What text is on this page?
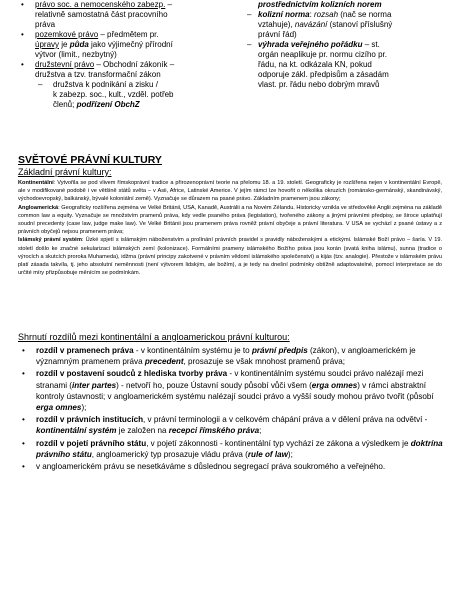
•	právo soc. a nemocenského zabezp. –
relativně samostatná část pracovního
práva
•	pozemkové právo – předmětem pr.
úpravy je půda jako výjimečný přírodní
výtvor (limit., nezbytný)
•	družstevní právo – Obchodní zákoník –
družstva a tzv. transformační zákon
–	družstva k podnikání a zisku /
k zabezp. soc., kult., vzděl. potřeb
členů; podřízení ObchZ
prostřednictvím kolizních norem
– kolizní norma: rozsah (nač se norma
vztahuje), navázání (stanoví příslušný
právní řád)
– výhrada veřejného pořádku – st.
orgán neaplikuje pr. normu cizího pr.
řádu, na kt. odkázala KN, pokud
odporuje zákl. předpisům a zásadám
vlast. pr. řádu nebo dobrým mravů
SVĚTOVÉ PRÁVNÍ KULTURY
Základní právní kultury:

Kontinentální: Vytvořila se pod vlivem římskoprávní tradice a přirozenoprávní teorie na přelomu 18. a 19. století. Geograficky je rozšířena nejen v kontinentální Evropě, ale v modifikované podobě i ve většině států světa – v Asii, Africe, Latinské Americe. V jejím rámci lze hovořit o několika okruzích (románsko-germánský, skandinávský, východoevropský, balkánský, bývalé koloniální země). Vyznačuje se důrazem na psané právo. Základním pramenem jsou zákony;

Angloamerická: Geograficky rozšířena zejména ve Velké Británii, USA, Kanadě, Austrálii a na Novém Zélandu. Historicky vznikla ve středověké Anglii zejména na základě common law a equity. Vyznačuje se množstvím pramenů práva, kdy vedle psaného práva (legislation), tvořeného zákony a jinými právními předpisy, se široce uplatňují soudní precedenty (case law, judge make law). Ve Velké Británii jsou pramenem práva rovněž právní obyčeje a právní literatura. V USA se vychází z psané ústavy a z právních obyčejů nejsou pramenem práva;

Islámský právní systém: Úzké spjetí s islámským náboženstvím a prolínání právních pravidel s pravidly náboženskými a etickými. Islámské Boží právo – šaría. V 19. století došlo ke značné sekularizaci islámských zemí (kolonizace). Formálními prameny islámského Božího práva jsou korán (svatá kniha islámu), sunna (tradice o výrocích a skutcích proroka Muhameda), idžma (právní principy zakotvené v právním vědomí islámského společenství) a kijás (tzv. analogie). Přestože v islámském právu platí zásada takvíla, tj. jeho absolutní neměnnosti (není výtvorem lidským, ale božím), a je tedy na dnešní podmínky obtížně adaptovatelné, pomocí interpretace se do určité míry přizpůsobuje měnícím se podmínkám.

Shrnutí rozdílů mezi kontinentální a angloamerickou právní kulturou:
•	rozdíl v pramenech práva - v kontinentálním systému je to právní předpis (zákon), v angloamerickém je významným pramenem práva precedent, prosazuje se však mnohost pramenů práva;
•	rozdíl v postavení soudců z hlediska tvorby práva - v kontinentálním systému soudci právo nalézají mezi stranami (inter partes) - netvoří ho, pouze Ústavní soudy působí vůči všem (erga omnes) v rámci abstraktní kontroly ústavnosti; v angloamerickém systému nalézají soudci právo a vyšší soudy mohou právo tvořit (působí erga omnes);
•	rozdíl v právních institucích, v právní terminologii a v celkovém chápání práva a v dělení práva na odvětví - kontinentální systém je založen na recepci římského práva;
•	rozdíl v pojetí právního státu, v pojetí zákonnosti - kontinentální typ vychází ze zákona a výsledkem je doktrína právního státu, angloamerický typ prosazuje vládu práva (rule of law);
•	v angloamerickém právu se nesetkáváme s důslednou segregací práva soukromého a veřejného.
